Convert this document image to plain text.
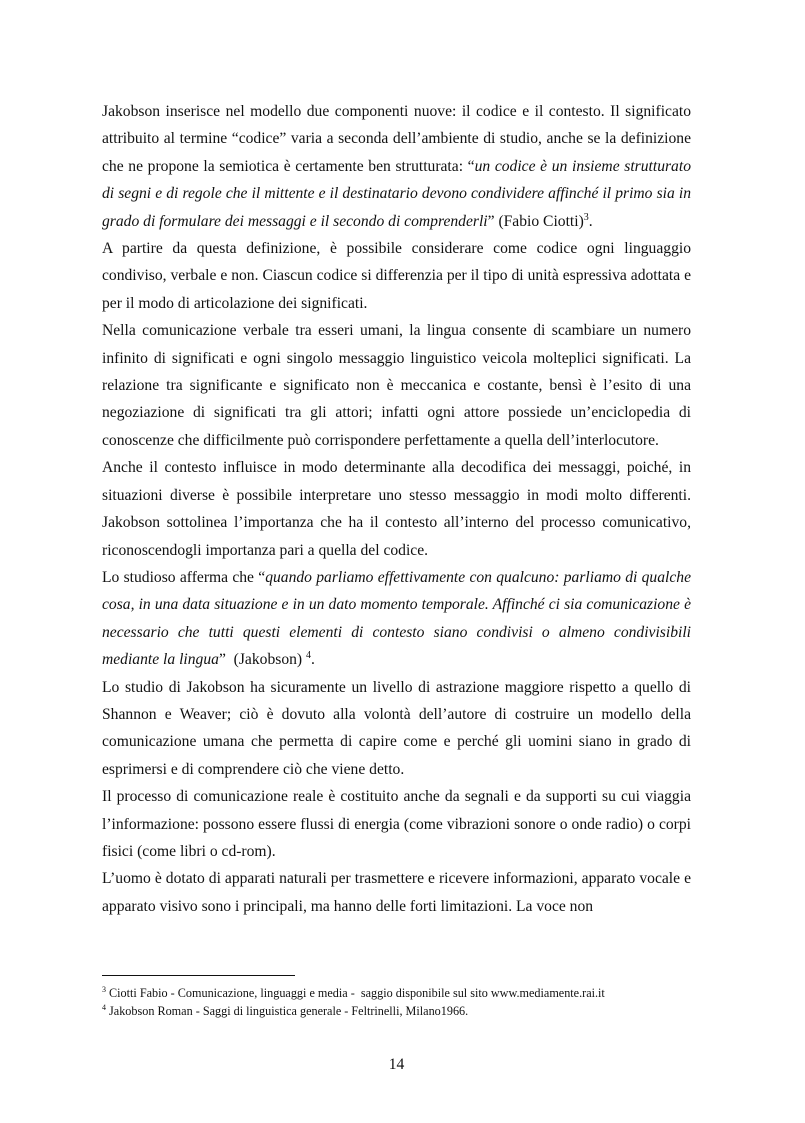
Jakobson inserisce nel modello due componenti nuove: il codice e il contesto. Il significato attribuito al termine “codice” varia a seconda dell’ambiente di studio, anche se la definizione che ne propone la semiotica è certamente ben strutturata: “un codice è un insieme strutturato di segni e di regole che il mittente e il destinatario devono condividere affinché il primo sia in grado di formulare dei messaggi e il secondo di comprenderli” (Fabio Ciotti)$^3$.

A partire da questa definizione, è possibile considerare come codice ogni linguaggio condiviso, verbale e non. Ciascun codice si differenzia per il tipo di unità espressiva adottata e per il modo di articolazione dei significati.

Nella comunicazione verbale tra esseri umani, la lingua consente di scambiare un numero infinito di significati e ogni singolo messaggio linguistico veicola molteplici significati. La relazione tra significante e significato non è meccanica e costante, bensì è l’esito di una negoziazione di significati tra gli attori; infatti ogni attore possiede un’enciclopedia di conoscenze che difficilmente può corrispondere perfettamente a quella dell’interlocutore.

Anche il contesto influisce in modo determinante alla decodifica dei messaggi, poiché, in situazioni diverse è possibile interpretare uno stesso messaggio in modi molto differenti. Jakobson sottolinea l’importanza che ha il contesto all’interno del processo comunicativo, riconoscendogli importanza pari a quella del codice.

Lo studioso afferma che “quando parliamo effettivamente con qualcuno: parliamo di qualche cosa, in una data situazione e in un dato momento temporale. Affinché ci sia comunicazione è necessario che tutti questi elementi di contesto siano condivisi o almeno condivisibili mediante la lingua”  (Jakobson) $^4$.

Lo studio di Jakobson ha sicuramente un livello di astrazione maggiore rispetto a quello di Shannon e Weaver; ciò è dovuto alla volontà dell’autore di costruire un modello della comunicazione umana che permetta di capire come e perché gli uomini siano in grado di esprimersi e di comprendere ciò che viene detto.

Il processo di comunicazione reale è costituito anche da segnali e da supporti su cui viaggia l’informazione: possono essere flussi di energia (come vibrazioni sonore o onde radio) o corpi fisici (come libri o cd-rom).

L’uomo è dotato di apparati naturali per trasmettere e ricevere informazioni, apparato vocale e apparato visivo sono i principali, ma hanno delle forti limitazioni. La voce non

$^3$ Ciotti Fabio - Comunicazione, linguaggi e media -  saggio disponibile sul sito www.mediamente.rai.it

$^4$ Jakobson Roman - Saggi di linguistica generale - Feltrinelli, Milano1966.

14
